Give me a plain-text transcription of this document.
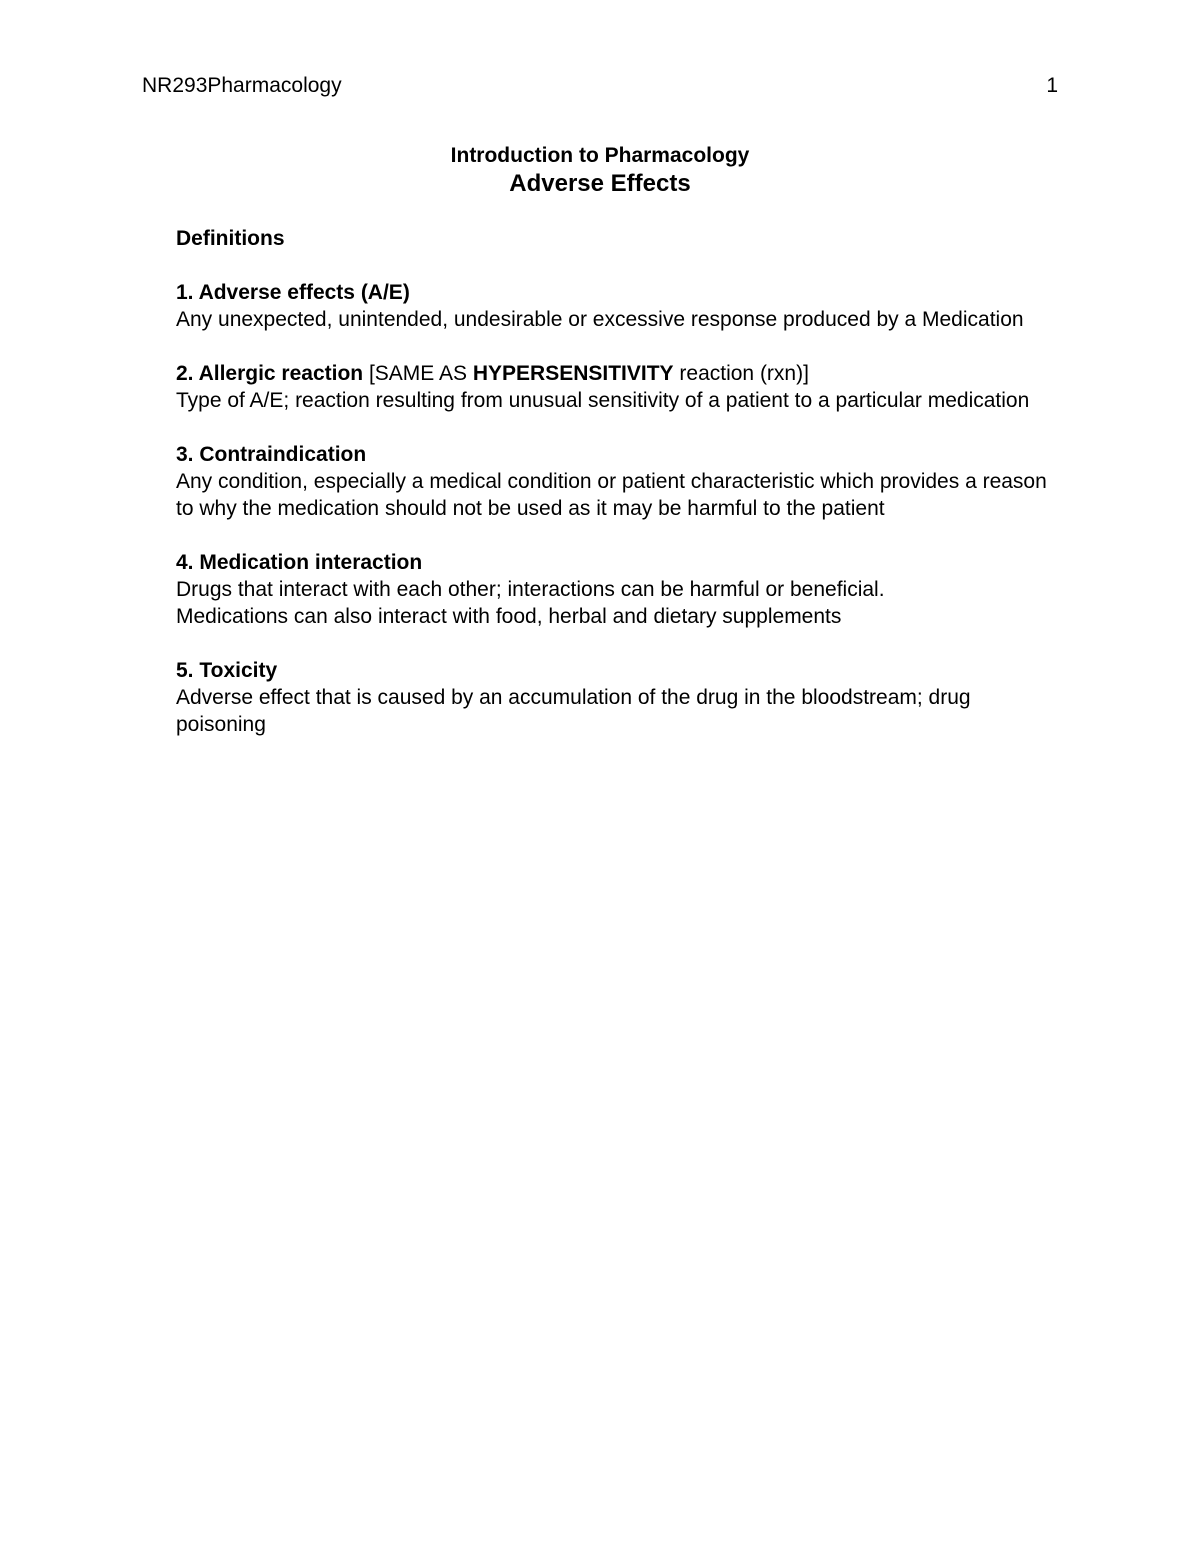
NR293Pharmacology	1
Introduction to Pharmacology
Adverse Effects
Definitions
1. Adverse effects (A/E)
Any unexpected, unintended, undesirable or excessive response produced by a Medication
2. Allergic reaction [SAME AS HYPERSENSITIVITY reaction (rxn)]
Type of A/E; reaction resulting from unusual sensitivity of a patient to a particular medication
3. Contraindication
Any condition, especially a medical condition or patient characteristic which provides a reason to why the medication should not be used as it may be harmful to the patient
4. Medication interaction
Drugs that interact with each other; interactions can be harmful or beneficial.
Medications can also interact with food, herbal and dietary supplements
5. Toxicity
Adverse effect that is caused by an accumulation of the drug in the bloodstream; drug poisoning
